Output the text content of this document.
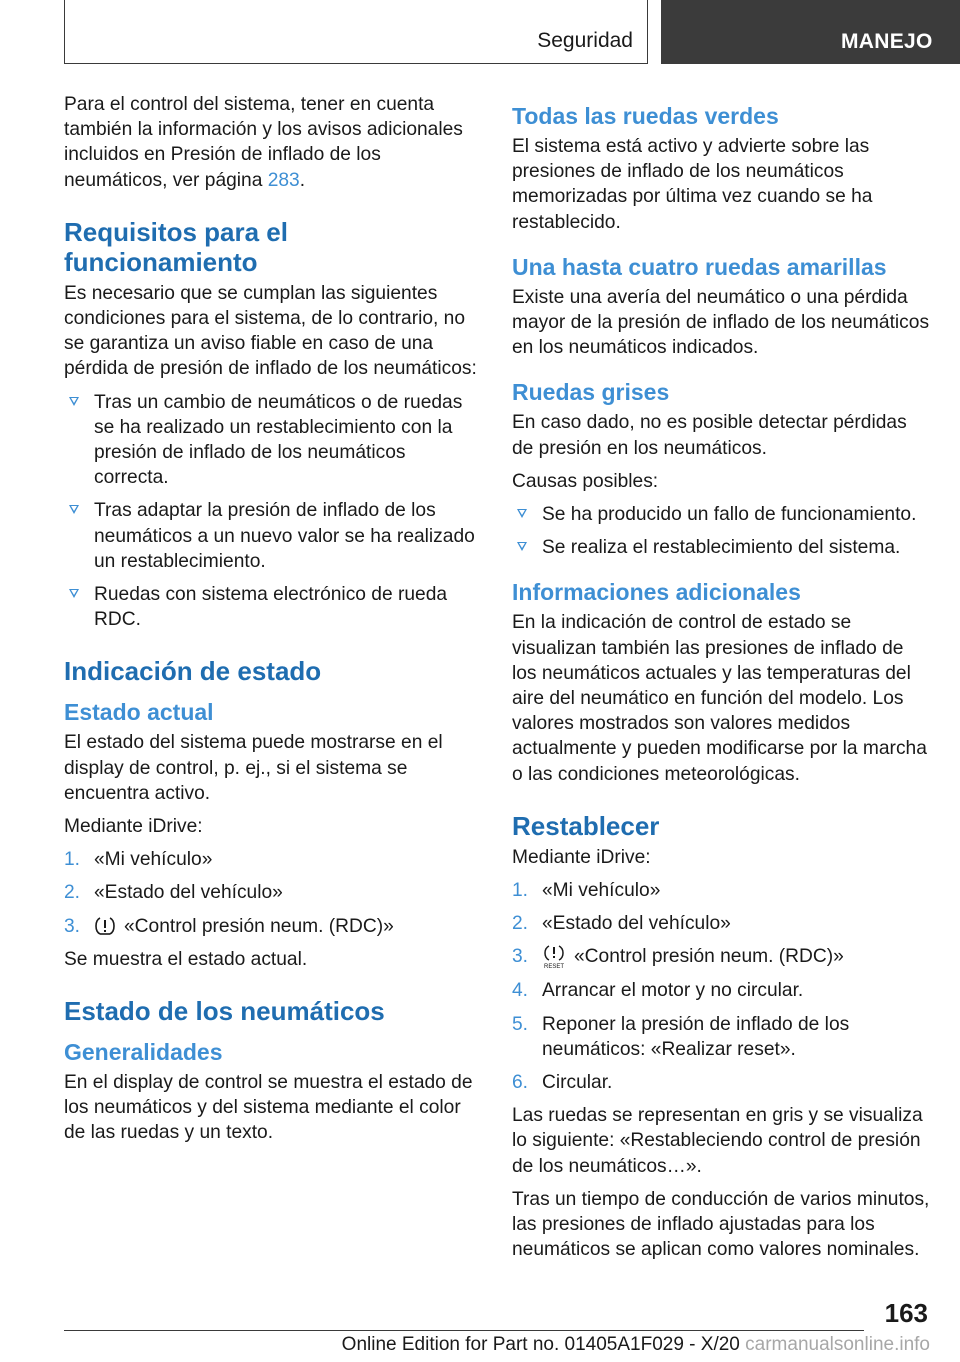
Seguridad	MANEJO

Para el control del sistema, tener en cuenta también la información y los avisos adicionales incluidos en Presión de inflado de los neumáticos, ver página 283.

Requisitos para el funcionamiento

Es necesario que se cumplan las siguientes condiciones para el sistema, de lo contrario, no se garantiza un aviso fiable en caso de una pérdida de presión de inflado de los neumáticos:

Tras un cambio de neumáticos o de ruedas se ha realizado un restablecimiento con la presión de inflado de los neumáticos correcta.
Tras adaptar la presión de inflado de los neumáticos a un nuevo valor se ha realizado un restablecimiento.
Ruedas con sistema electrónico de rueda RDC.
Indicación de estado
Estado actual

El estado del sistema puede mostrarse en el display de control, p. ej., si el sistema se encuentra activo.

Mediante iDrive:

1. «Mi vehículo»
2. «Estado del vehículo»
3. «Control presión neum. (RDC)»

Se muestra el estado actual.

Estado de los neumáticos
Generalidades

En el display de control se muestra el estado de los neumáticos y del sistema mediante el color de las ruedas y un texto.

Todas las ruedas verdes

El sistema está activo y advierte sobre las presiones de inflado de los neumáticos memorizadas por última vez cuando se ha restablecido.

Una hasta cuatro ruedas amarillas

Existe una avería del neumático o una pérdida mayor de la presión de inflado de los neumáticos en los neumáticos indicados.

Ruedas grises

En caso dado, no es posible detectar pérdidas de presión en los neumáticos.

Causas posibles:

Se ha producido un fallo de funcionamiento.
Se realiza el restablecimiento del sistema.
Informaciones adicionales

En la indicación de control de estado se visualizan también las presiones de inflado de los neumáticos actuales y las temperaturas del aire del neumático en función del modelo. Los valores mostrados son valores medidos actualmente y pueden modificarse por la marcha o las condiciones meteorológicas.

Restablecer

Mediante iDrive:

1. «Mi vehículo»
2. «Estado del vehículo»
3.	RESET «Control presión neum. (RDC)»
4. Arrancar el motor y no circular.
5. Reponer la presión de inflado de los neumáticos: «Realizar reset».
6. Circular.

Las ruedas se representan en gris y se visualiza lo siguiente: «Restableciendo control de presión de los neumáticos…».

Tras un tiempo de conducción de varios minutos, las presiones de inflado ajustadas para los neumáticos se aplican como valores nominales.

163
Online Edition for Part no. 01405A1F029 - X/20 carmanualsonline.info
